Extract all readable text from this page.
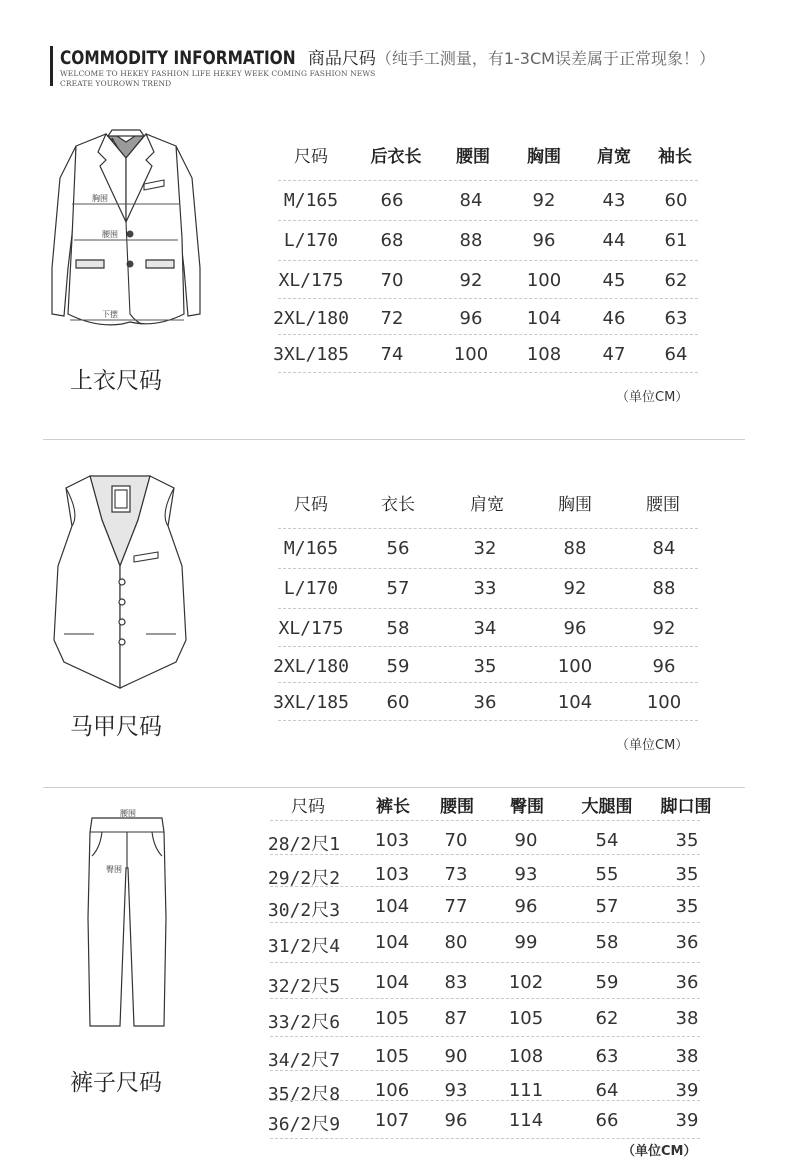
COMMODITY INFORMATION 商品尺码（纯手工测量，有1-3CM误差属于正常现象！）
WELCOME TO HEKEY FASHION LIFE HEKEY WEEK COMING FASHION NEWS
CREATE YOUROWN TREND
胸围
腰围
下摆
上衣尺码
尺码	后衣长 腰围 胸围 肩宽 袖长
M/165 66	84	92	43 60
L/170 68	88	96	44 61
XL/175 70	92 100 45 62
2XL/180 72	96 104 46 63
3XL/185 74	100 108 47 64
马甲尺码
尺码	衣长	肩宽	胸围	腰围
M/165	56	32	88	84
L/170	57	33	92	88
XL/175 58	34	96	92
2XL/180 59	35	100	96
3XL/185 60	36	104	100
腰围
臀围
裤子尺码
尺码	裤长 腰围 臀围 大腿围 脚口围
28/2尺1 103 70	90	54	35
29/2尺2 103 73	93	55	35
30/2尺3 104 77	96	57	35
31/2尺4 104 80	99	58	36
32/2尺5 104 83 102	59	36
33/2尺6 105 87 105	62	38
34/2尺7 105 90 108	63	38
35/2尺8 106 93 111	64	39
36/2尺9 107 96 114	66	39
（单位CM）
（单位CM）
（单位CM）
